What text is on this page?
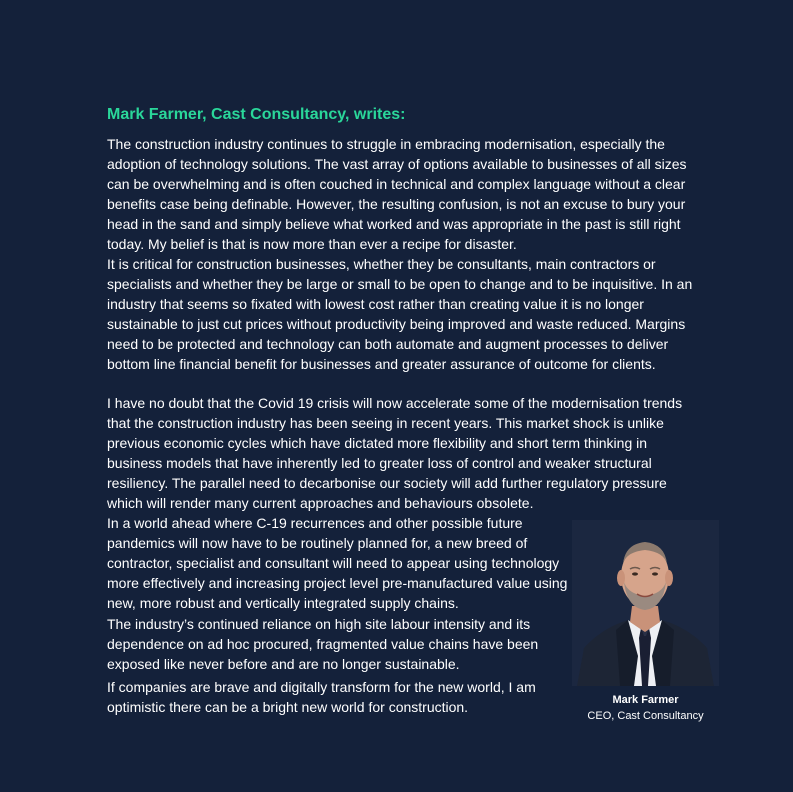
Mark Farmer, Cast Consultancy, writes:

The construction industry continues to struggle in embracing modernisation, especially the adoption of technology solutions. The vast array of options available to businesses of all sizes can be overwhelming and is often couched in technical and complex language without a clear benefits case being definable. However, the resulting confusion, is not an excuse to bury your head in the sand and simply believe what worked and was appropriate in the past is still right today. My belief is that is now more than ever a recipe for disaster.

It is critical for construction businesses, whether they be consultants, main contractors or specialists and whether they be large or small to be open to change and to be inquisitive. In an industry that seems so fixated with lowest cost rather than creating value it is no longer sustainable to just cut prices without productivity being improved and waste reduced. Margins need to be protected and technology can both automate and augment processes to deliver bottom line financial benefit for businesses and greater assurance of outcome for clients.

I have no doubt that the Covid 19 crisis will now accelerate some of the modernisation trends that the construction industry has been seeing in recent years. This market shock is unlike previous economic cycles which have dictated more flexibility and short term thinking in business models that have inherently led to greater loss of control and weaker structural resiliency. The parallel need to decarbonise our society will add further regulatory pressure which will render many current approaches and behaviours obsolete.

In a world ahead where C-19 recurrences and other possible future pandemics will now have to be routinely planned for, a new breed of contractor, specialist and consultant will need to appear using technology more effectively and increasing project level pre-manufactured value using new, more robust and vertically integrated supply chains.

The industry’s continued reliance on high site labour intensity and its dependence on ad hoc procured, fragmented value chains have been exposed like never before and are no longer sustainable.

If companies are brave and digitally transform for the new world, I am optimistic there can be a bright new world for construction.	Mark Farmer
CEO, Cast Consultancy
